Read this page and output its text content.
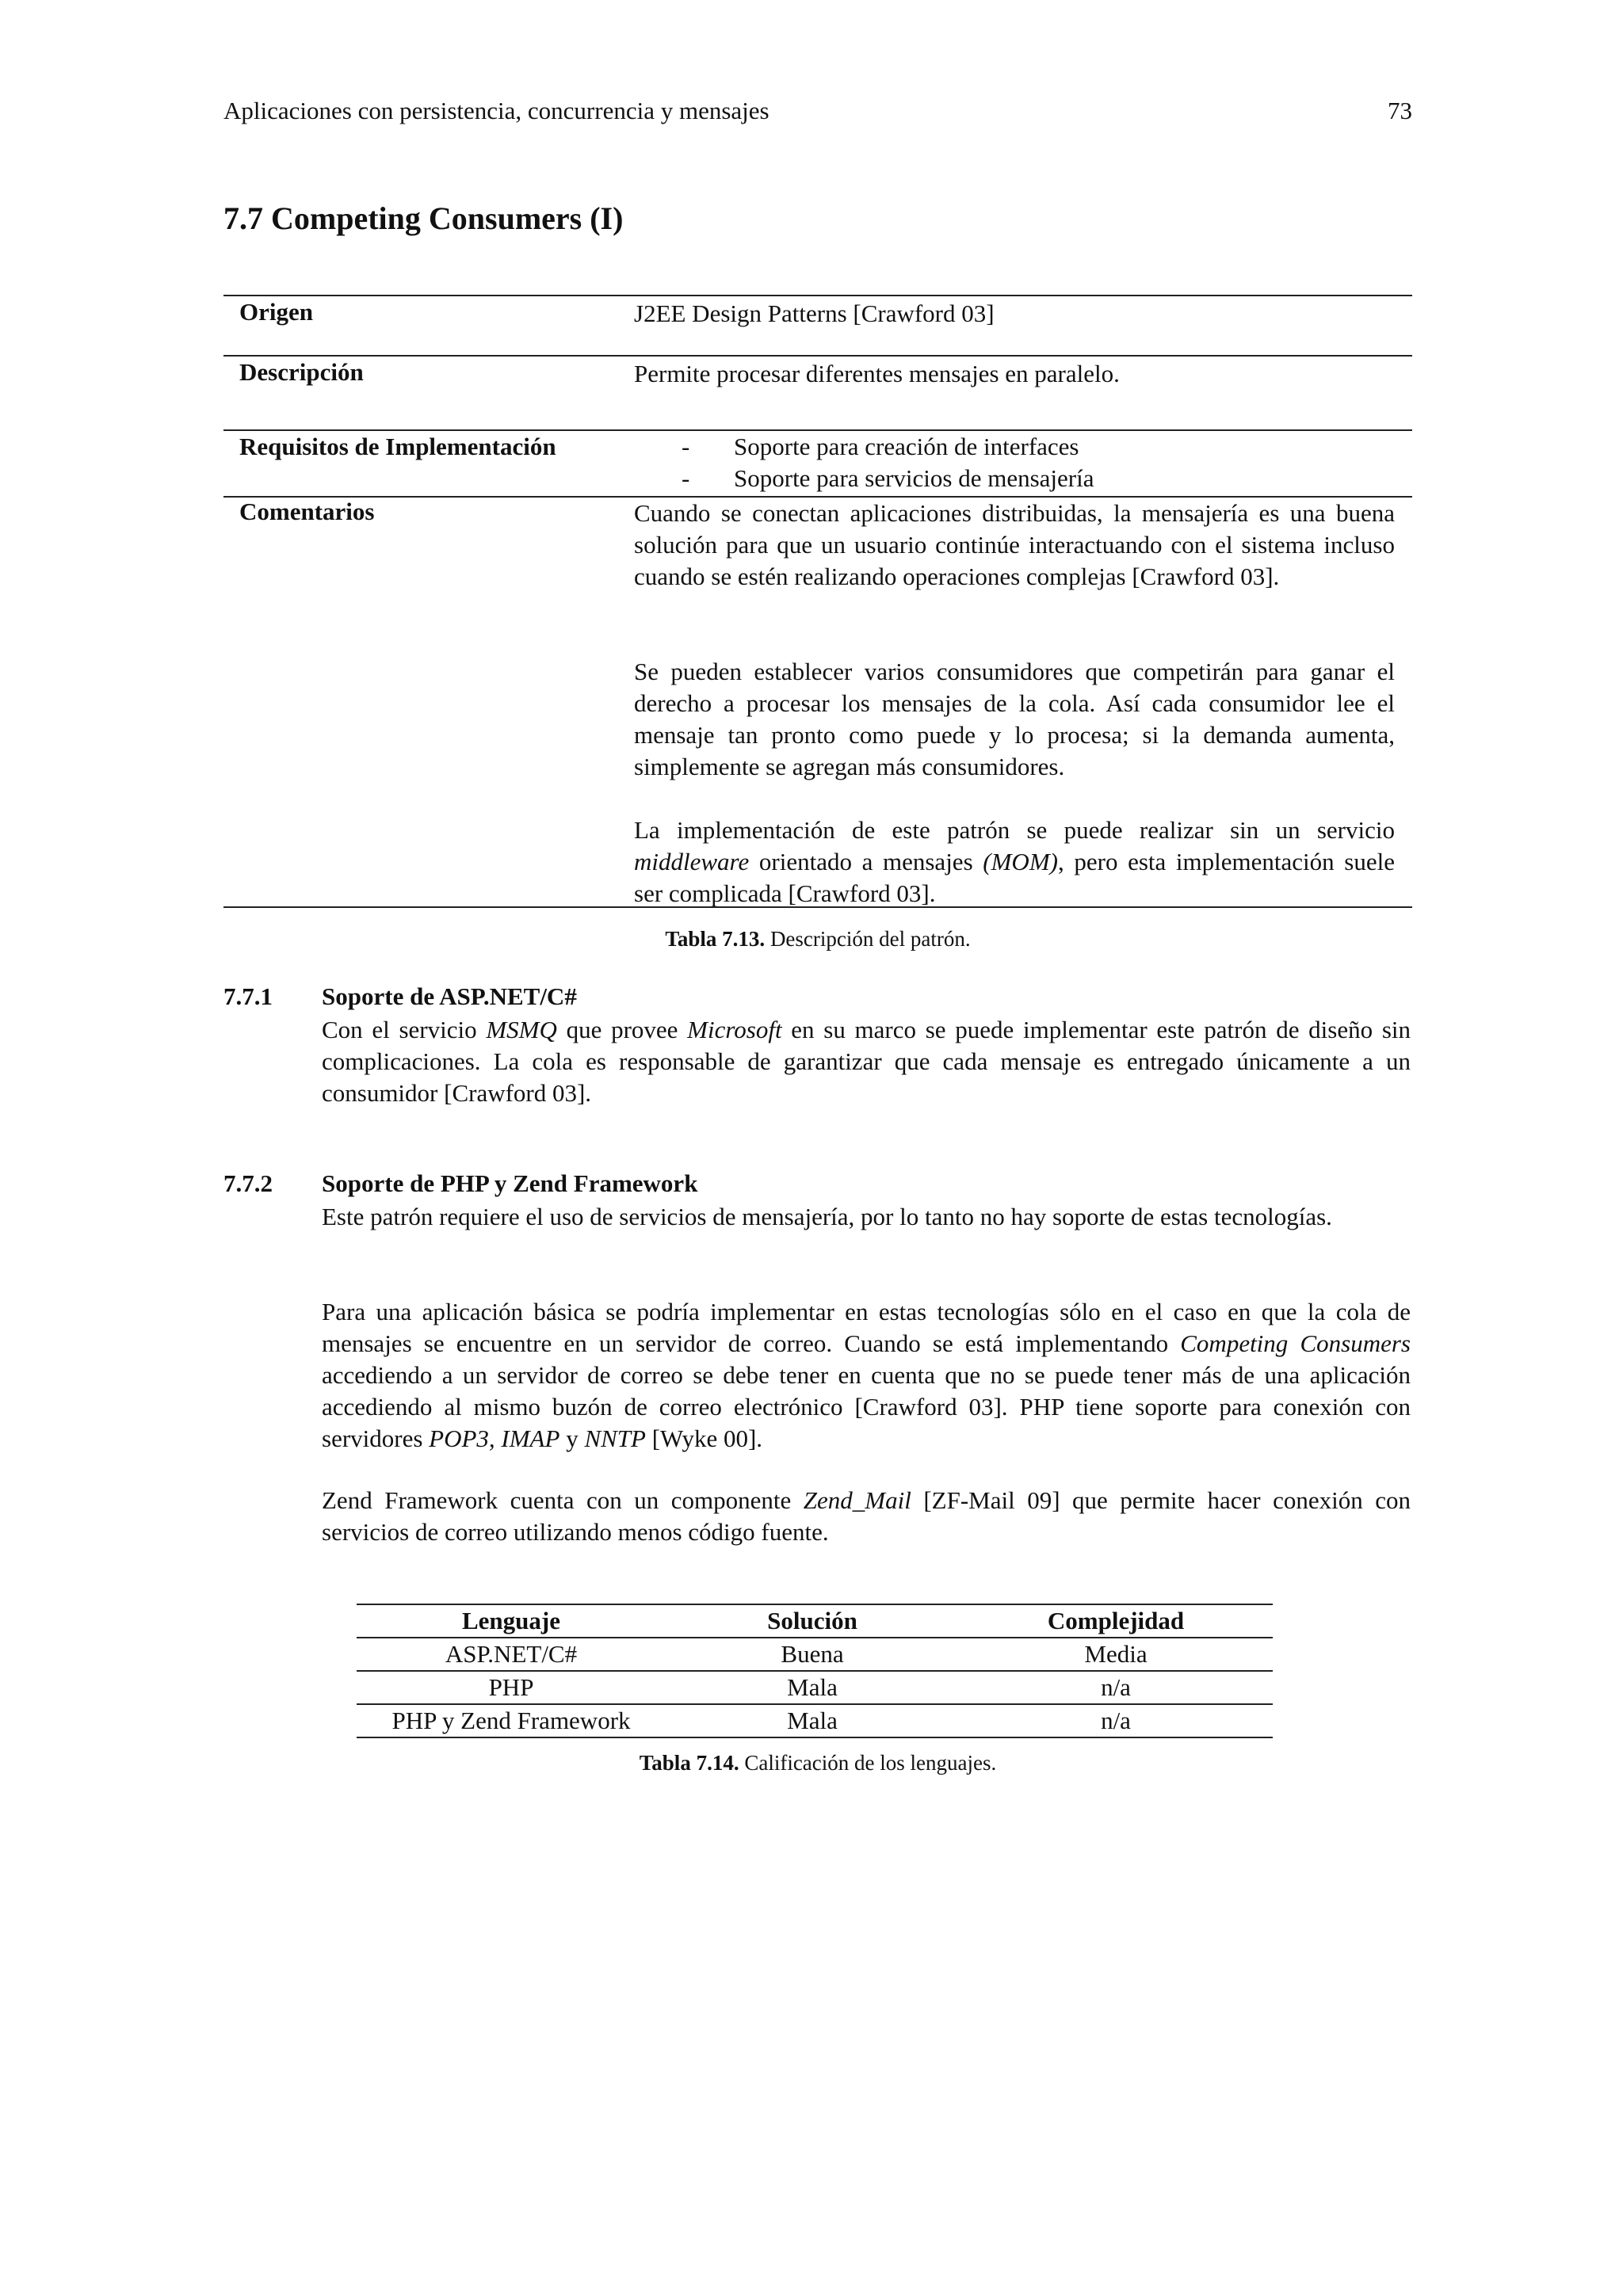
Aplicaciones con persistencia, concurrencia y mensajes	73
7.7 Competing Consumers (I)
Origen	J2EE Design Patterns [Crawford 03]
Descripción	Permite procesar diferentes mensajes en paralelo.
Requisitos de Implementación	- Soporte para creación de interfaces
- Soporte para servicios de mensajería
Comentarios	Cuando se conectan aplicaciones distribuidas, la mensajería es una buena solución para que un usuario continúe interactuando con el sistema incluso cuando se estén realizando operaciones complejas [Crawford 03].
Se pueden establecer varios consumidores que competirán para ganar el derecho a procesar los mensajes de la cola. Así cada consumidor lee el mensaje tan pronto como puede y lo procesa; si la demanda aumenta, simplemente se agregan más consumidores.
La implementación de este patrón se puede realizar sin un servicio middleware orientado a mensajes (MOM), pero esta implementación suele ser complicada [Crawford 03].
Tabla 7.13. Descripción del patrón.
7.7.1 Soporte de ASP.NET/C#
Con el servicio MSMQ que provee Microsoft en su marco se puede implementar este patrón de diseño sin complicaciones. La cola es responsable de garantizar que cada mensaje es entregado únicamente a un consumidor [Crawford 03].
7.7.2 Soporte de PHP y Zend Framework
Este patrón requiere el uso de servicios de mensajería, por lo tanto no hay soporte de estas tecnologías.
Para una aplicación básica se podría implementar en estas tecnologías sólo en el caso en que la cola de mensajes se encuentre en un servidor de correo. Cuando se está implementando Competing Consumers accediendo a un servidor de correo se debe tener en cuenta que no se puede tener más de una aplicación accediendo al mismo buzón de correo electrónico [Crawford 03]. PHP tiene soporte para conexión con servidores POP3, IMAP y NNTP [Wyke 00].
Zend Framework cuenta con un componente Zend_Mail [ZF-Mail 09] que permite hacer conexión con servicios de correo utilizando menos código fuente.
Lenguaje	Solución	Complejidad
ASP.NET/C#	Buena	Media
PHP	Mala	n/a
PHP y Zend Framework	Mala	n/a
Tabla 7.14. Calificación de los lenguajes.
